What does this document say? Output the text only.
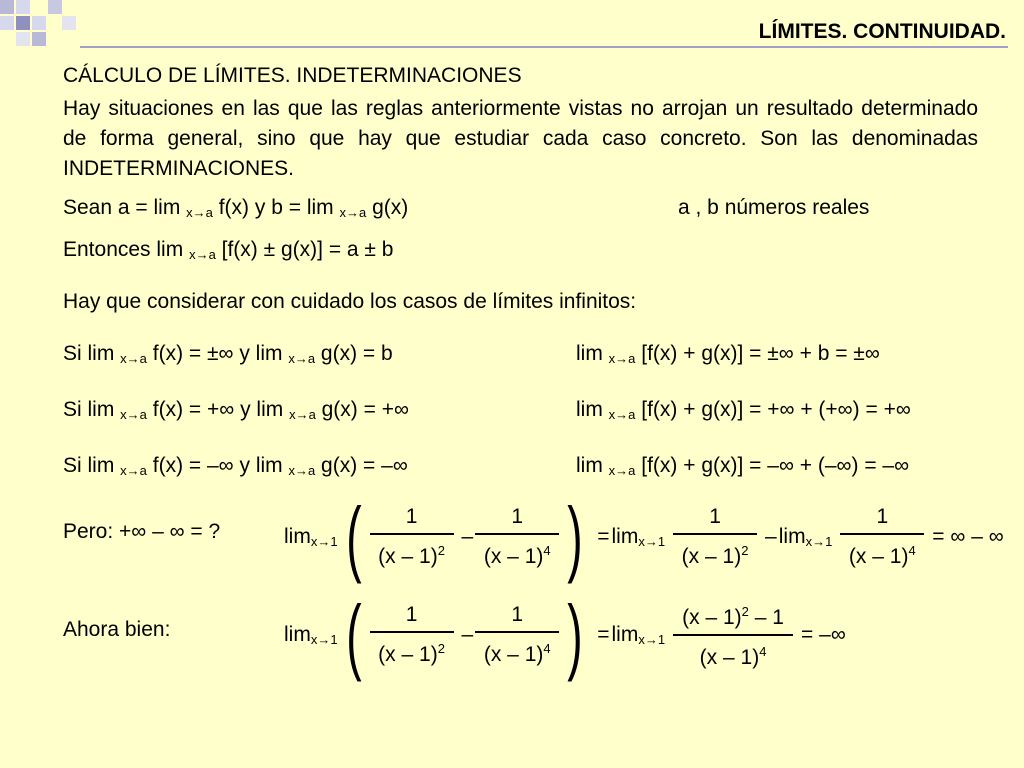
LÍMITES. CONTINUIDAD.
CÁLCULO DE LÍMITES. INDETERMINACIONES
Hay situaciones en las que las reglas anteriormente vistas no arrojan un resultado determinado de forma general, sino que hay que estudiar cada caso concreto. Son las denominadas INDETERMINACIONES.
Sean a = lim $_{x\to a}$ f(x) y b = lim $_{x\to a}$ g(x)	a , b números reales
Entonces lim $_{x\to a}$ [f(x) ± g(x)] = a ± b
Hay que considerar con cuidado los casos de límites infinitos:
Si lim $_{x\to a}$ f(x) = ±∞ y lim $_{x\to a}$ g(x) = b	lim $_{x\to a}$ [f(x) + g(x)] = ±∞ + b = ±∞
Si lim $_{x\to a}$ f(x) = +∞ y lim $_{x\to a}$ g(x) = +∞	lim $_{x\to a}$ [f(x) + g(x)] = +∞ + (+∞) = +∞
Si lim $_{x\to a}$ f(x) = –∞ y lim $_{x\to a}$ g(x) = –∞	lim $_{x\to a}$ [f(x) + g(x)] = –∞ + (–∞) = –∞
Pero: +∞ – ∞ = ?	$\lim_{x\to 1}$ ( $\frac{1}{(x - 1)^2} - \frac{1}{(x - 1)^4}$ ) = $\lim_{x\to 1} \frac{1}{(x - 1)^2} - \lim_{x\to 1} \frac{1}{(x - 1)^4}$ = ∞ – ∞
Ahora bien:	$\lim_{x\to 1}$ ( $\frac{1}{(x - 1)^2} - \frac{1}{(x - 1)^4}$ ) = $\lim_{x\to 1} \frac{(x - 1)^2 - 1}{(x - 1)^4}$ = –∞
